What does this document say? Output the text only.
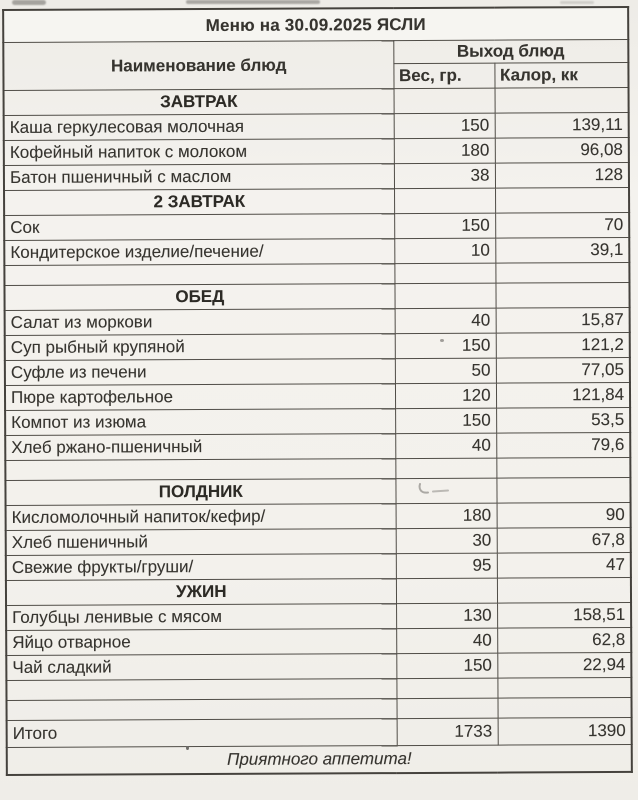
Меню на 30.09.2025 ЯСЛИ		
Наименование блюд	Выход блюд	
	Вес, гр.	Калор, кк
ЗАВТРАК		
Каша геркулесовая молочная	150	139,11
Кофейный напиток с молоком	180	96,08
Батон пшеничный с маслом	38	128
2 ЗАВТРАК		
Сок	150	70
Кондитерское изделие/печение/	10	39,1

ОБЕД		
Салат из моркови	40	15,87
Суп рыбный крупяной	150	121,2
Суфле из печени	50	77,05
Пюре картофельное	120	121,84
Компот из изюма	150	53,5
Хлеб ржано-пшеничный	40	79,6

ПОЛДНИК		
Кисломолочный напиток/кефир/	180	90
Хлеб пшеничный	30	67,8
Свежие фрукты/груши/	95	47
УЖИН		
Голубцы ленивые с мясом	130	158,51
Яйцо отварное	40	62,8
Чай сладкий	150	22,94

Итого	1733	1390
Приятного аппетита!		
